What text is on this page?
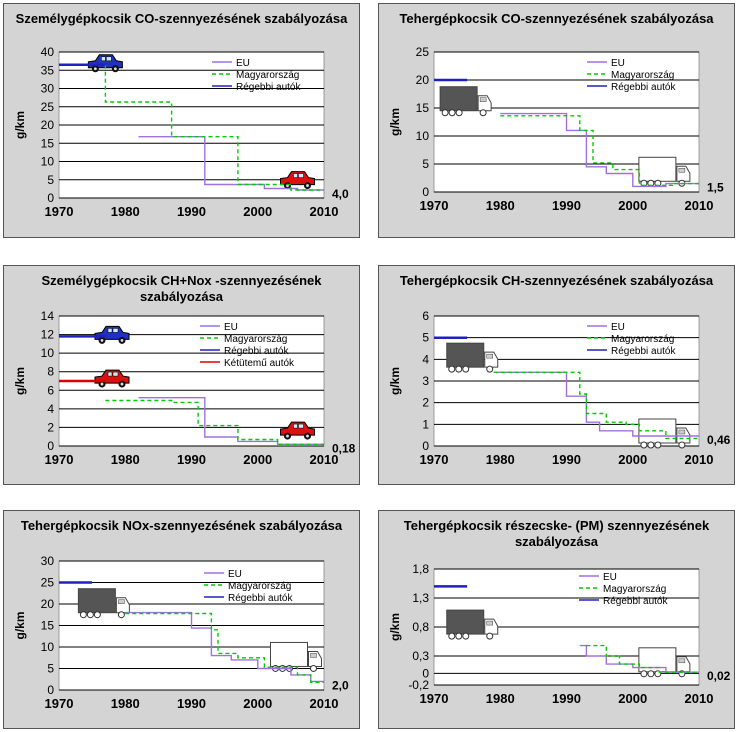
Személygépkocsik CO-szennyezésének szabályozása
0
5
10
15
20
25
30
35
40
1970	1980	1990	2000	2010
g/km
EU
Magyarország
Régebbi autók
4,0
Tehergépkocsik CO-szennyezésének szabályozása
0
5
10
15
20
25
1970	1980	1990	2000	2010
g/km
EU
Magyarország
Régebbi autók
1,5
Személygépkocsik CH+Nox -szennyezésének szabályozása
0
2
4
6
8
10
12
14
1970	1980	1990	2000	2010
g/km
EU
Magyarország
Régebbi autók
Kétütemű autók
0,18
Tehergépkocsik CH-szennyezésének szabályozása
0
1
2
3
4
5
6
1970	1980	1990	2000	2010
g/km
EU
Magyarország
Régebbi autók
0,46
Tehergépkocsik NOx-szennyezésének szabályozása
0
5
10
15
20
25
30
1970	1980	1990	2000	2010
g/km
EU
Magyarország
Régebbi autók
2,0
Tehergépkocsik részecske- (PM) szennyezésének szabályozása
-0,2
0
0,3
0,8
1,3
1,8
1970	1980	1990	2000	2010
g/km
EU
Magyarország
Régebbi autók
0,02
